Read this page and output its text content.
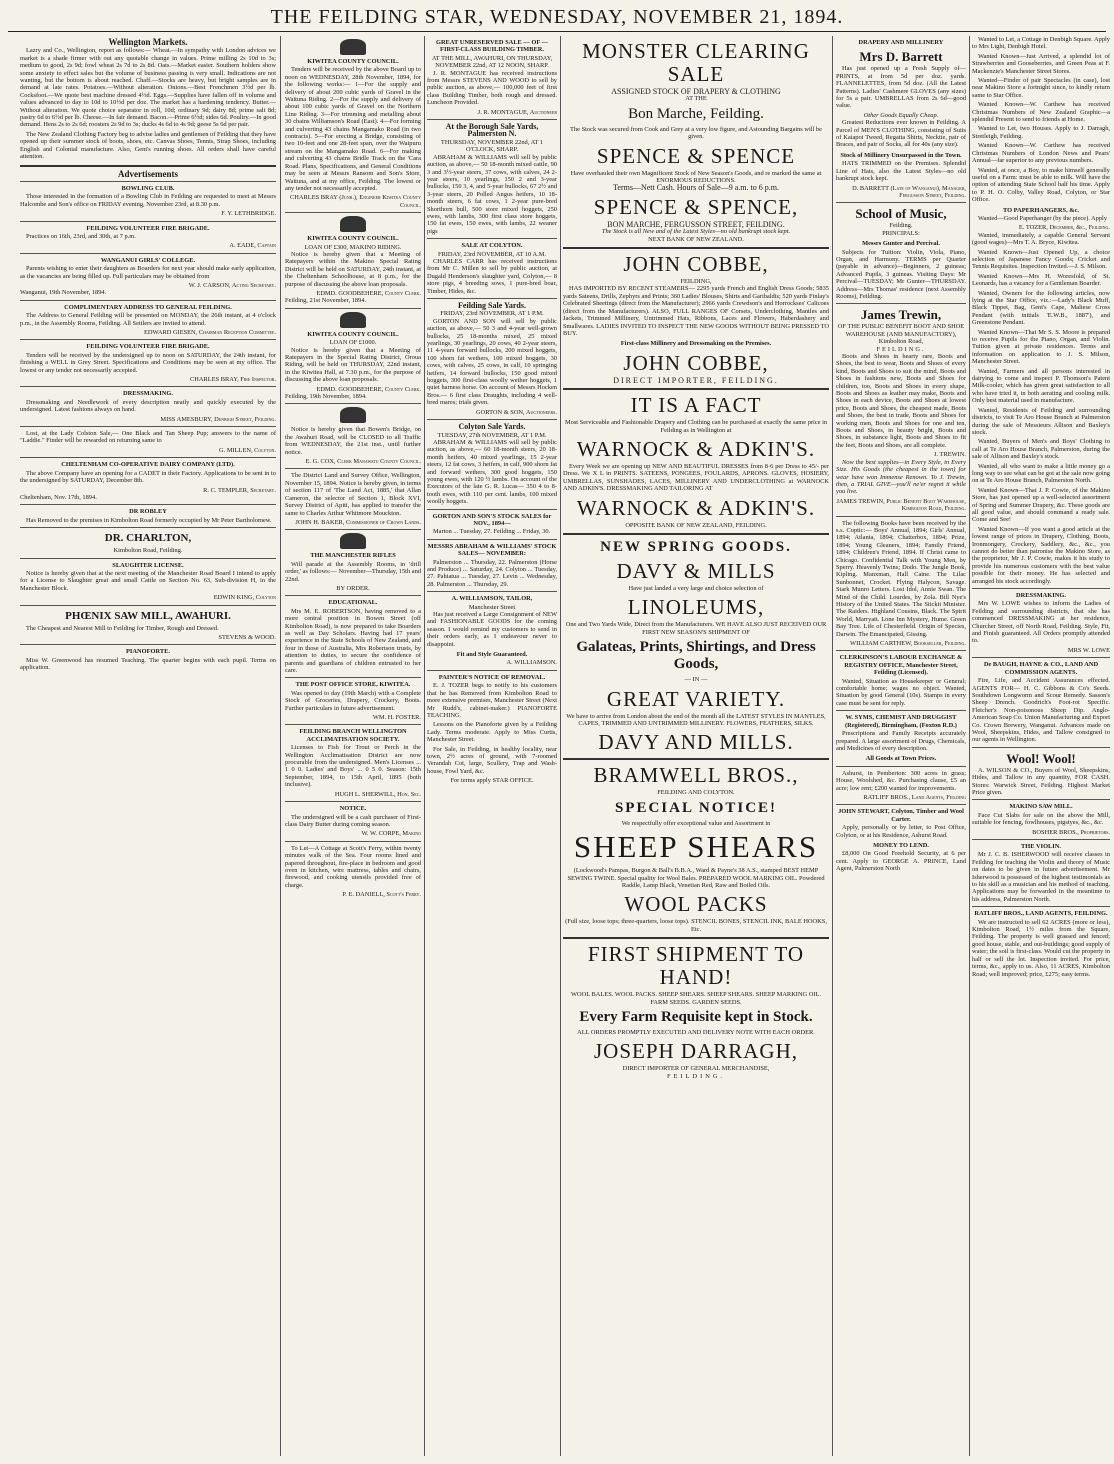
THE FEILDING STAR, WEDNESDAY, NOVEMBER 21, 1894.
Wellington Markets.

Lazry and Co., Wellington, report as follows:— Wheat.—In sympathy with London advices we market is a shade firmer with out any quotable change in values. Prime milling 2s 10d to 3s; medium to good, 2s 9d; fowl wheat 2s 7d to 2s 8d. Oats.—Market easier. Southern holders show some anxiety to effect sales but the volume of business passing is very small. Indications are not wanting, but the bottom is about reached. Chaff.—Stocks are heavy, but bright samples are in demand at late rates. Potatoes.—Without alteration. Onions.—Best Frenchmen 3½d per lb. Cocksfoot.—We quote best machine dressed 4½d. Eggs.—Supplies have fallen off in volume and values advanced to day to 10d to 10½d per doz. The market has a hardening tendency. Butter.—Without alteration. We quote choice separator in roll, 10d; ordinary 9d; dairy 8d; prime salt 8d; pastry 6d to 6½d per lb. Cheese.—In fair demand. Bacon.—Prime 6½d; sides 6d. Poultry.—In good demand. Hens 2s to 2s 6d; roosters 2s 9d to 3s; ducks 4s 6d to 4s 9d; geese 5s 6d per pair.

The New Zealand Clothing Factory beg to advise ladies and gentlemen of Feilding that they have opened up their summer stock of boots, shoes, etc. Canvas Shoes, Tennis, Strap Shoes, including English and Colonial manufacture. Also, Gent's running shoes. All orders shall have careful attention.

Advertisements
BOWLING CLUB.

Those interested in the formation of a Bowling Club in Feilding are requested to meet at Messrs Halcombe and Son's office on FRIDAY evening, November 23rd, at 8.30 p.m.

F. Y. LETHBRIDGE.
FEILDING VOLUNTEER FIRE BRIGADE.

Practices on 16th, 23rd, and 30th, at 7 p.m.

A. EADE, Captain
WANGANUI GIRLS' COLLEGE.

Parents wishing to enter their daughters as Boarders for next year should make early application, as the vacancies are being filled up. Full particulars may be obtained from

W. J. CARSON, Acting Secretary.
Wanganui, 19th November, 1894.
COMPLIMENTARY ADDRESS TO GENERAL FEILDING.

The Address to General Feilding will be presented on MONDAY, the 26th instant, at 4 o'clock p.m., in the Assembly Rooms, Feilding. All Settlers are invited to attend.

EDWARD GIESEN, Chairman Reception Committee.
FEILDING VOLUNTEER FIRE BRIGADE.

Tenders will be received by the undersigned up to noon on SATURDAY, the 24th instant, for finishing a WELL in Grey Street. Specifications and Conditions may be seen at my office. The lowest or any tender not necessarily accepted.

CHARLES BRAY, Fire Inspector.
DRESSMAKING.

Dressmaking and Needlework of every description neatly and quickly executed by the undersigned. Latest fashions always on hand.

MISS AMESBURY, Denbigh Street, Feilding.

Lost, at the Lady Colston Sale,— One Black and Tan Sheep Pup; answers to the name of "Laddie." Finder will be rewarded on returning same to

G. MILLEN, Colyton.
CHELTENHAM CO-OPERATIVE DAIRY COMPANY (LTD).

The above Company have an opening for a CADET in their Factory. Applications to be sent in to the undersigned by SATURDAY, December 8th.

R. C. TEMPLER, Secretary.
Cheltenham, Nov. 17th, 1894.
DR ROBLEY

Has Removed to the premises in Kimbolton Road formerly occupied by Mr Peter Bartholomew.

DR. CHARLTON,
Kimbolton Road, Feilding.
SLAUGHTER LICENSE.

Notice is hereby given that at the next meeting of the Manchester Road Board I intend to apply for a License to Slaughter great and small Cattle on Section No. 63, Sub-division H, in the Manchester Block.

EDWIN KING, Colyton
PHŒNIX SAW MILL, AWAHURI.

The Cheapest and Nearest Mill to Feilding for Timber, Rough and Dressed.

STEVENS & WOOD.
PIANOFORTE.

Miss W. Greenwood has resumed Teaching. The quarter begins with each pupil. Terms on application.

KIWITEA COUNTY COUNCIL.

Tenders will be received by the above Board up to noon on WEDNESDAY, 28th November, 1894, for the following works:— 1—For the supply and delivery of about 200 cubic yards of Gravel in the Waituna Riding. 2—For the supply and delivery of about 100 cubic yards of Gravel on the Northern Line Riding. 3—For trimming and metalling about 30 chains Williamson's Road (East). 4—For forming and culverting 43 chains Mangamako Road (in two contracts). 5—For erecting a Bridge, consisting of two 10-feet and one 28-feet span, over the Waipuru stream on the Mangamako Road. 6—For making and culverting 43 chains Bridle Track on the 'Cara Road. Plans, Specifications, and General Conditions may be seen at Messrs Ransom and Son's Store, Waituna, and at my office, Feilding. The lowest or any tender not necessarily accepted.

CHARLES BRAY (Junr.), Engineer Kiwitea County Council.
KIWITEA COUNTY COUNCIL.
LOAN OF £300, MAKINO RIDING.

Notice is hereby given that a Meeting of Ratepayers within the Makino Special Rating District will be held on SATURDAY, 24th instant, at the Cheltenham Schoolhouse, at 8 p.m., for the purpose of discussing the above loan proposals.

EDMD. GOODBEHERE, County Clerk.
Feilding, 21st November, 1894.
KIWITEA COUNTY COUNCIL.
LOAN OF £1000.

Notice is hereby given that a Meeting of Ratepayers in the Special Rating District, Oroua Riding, will be held on THURSDAY, 22nd instant, in the Kiwitea Hall, at 7.30 p.m., for the purpose of discussing the above loan proposals.

EDMD. GOODBEHERE, County Clerk.
Feilding, 19th November, 1894.

Notice is hereby given that Bowen's Bridge, on the Awahuri Road, will be CLOSED to all Traffic from WEDNESDAY, the 21st inst., until further notice.

E. G. COX, Clerk Manawatu County Council.

The District Land and Survey Office, Wellington, November 15, 1894. Notice is hereby given, in terms of section 117 of 'The Land Act, 1885,' that Allan Cameron, the selector of Section 1, Block XVI, Survey District of Apiti, has applied to transfer the same to Charles Arthur Whitmore Mouckton.

JOHN H. BAKER, Commissioner of Crown Lands.
THE MANCHESTER RIFLES

Will parade at the Assembly Rooms, in 'drill order,' as follows:— November—Thursday, 15th and 22nd.

BY ORDER.
EDUCATIONAL.

Mrs M. E. ROBERTSON, having removed to a more central position in Bowen Street (off Kimbolton Road), is now prepared to take Boarders as well as Day Scholars. Having had 17 years' experience in the State Schools of New Zealand, and four in those of Australia, Mrs Robertson trusts, by attention to duties, to secure the confidence of parents and guardians of children entrusted to her care.

THE POST OFFICE STORE, KIWITEA.

Was opened to day (19th March) with a Complete Stock of Groceries, Drapery, Crockery, Boots. Further particulars in future advertisement.

WM. H. FOSTER.
FEILDING BRANCH WELLINGTON ACCLIMATISATION SOCIETY.

Licenses to Fish for Trout or Perch in the Wellington Acclimatisation District are now procurable from the undersigned. Men's Licenses ... 1 0 0. Ladies' and Boys' ... 0 5 0. Season: 15th September, 1894, to 15th April, 1895 (both inclusive).

HUGH L. SHERWILL, Hon. Sec.
NOTICE.

The undersigned will be a cash purchaser of First-class Dairy Butter during coming season.

W. W. CORPE, Makino

To Let—A Cottage at Scott's Ferry, within twenty minutes walk of the Sea. Four rooms lined and papered throughout, fire-place in bedroom and good oven in kitchen, wire mattress, tables and chairs, firewood, and cooking utensils provided free of charge.

P. E. DANIELL, Scott's Ferry.
GREAT UNRESERVED SALE — OF — FIRST-CLASS BUILDING TIMBER.
AT THE MILL, AWAHURI, ON THURSDAY, NOVEMBER 22nd, AT 12 NOON, SHARP.

J. R. MONTAGUE has received instructions from Messrs STEVENS AND WOOD to sell by public auction, as above,— 100,000 feet of first class Building Timber, both rough and dressed. Luncheon Provided.

J. R. MONTAGUE, Auctioneer
At the Borough Sale Yards, Palmerston N.
THURSDAY, NOVEMBER 22nd, AT 1 O'CLOCK, SHARP.

ABRAHAM & WILLIAMS will sell by public auction, as above,— 50 18-month mixed cattle, 90 3 and 3½-year steers, 37 cows, with calves, 24 2-year steers, 10 yearlings, 150 2 and 3-year bullocks, 150 3, 4, and 5-year bullocks, 67 2½ and 3-year steers, 20 Polled Angus heifers, 10 18-month steers, 6 fat cows, 1 2-year pure-bred Shorthorn bull, 500 store mixed hoggets, 250 ewes, with lambs, 300 first class store hoggets, 150 fat ewes, 150 ewes, with lambs, 22 weaner pigs

SALE AT COLYTON.
FRIDAY, 23rd NOVEMBER, AT 10 A.M.

CHARLES CARR has received instructions from Mr C. Millen to sell by public auction, at Dugald Henderson's slaughter yard, Colyton,— 8 store pigs, 4 breeding sows, 1 pure-bred boar, Timber, Hides, &c.

Feilding Sale Yards.
FRIDAY, 23rd NOVEMBER, AT 1 P.M.

GORTON AND SON will sell by public auction, as above,— 50 3 and 4-year well-grown bullocks, 25 18-months mixed, 25 mixed yearlings, 30 yearlings, 20 cows, 40 2-year steers, 11 4-years forward bullocks, 200 mixed hoggets, 100 shorn fat wethers, 100 mixed hoggets, 30 cows, with calves, 25 cows, in calf, 10 springing heifers, 14 forward bullocks, 150 good mixed hoggets, 300 first-class woolly wether hoggets, 1 quiet harness horse. On account of Messrs Hocken Bros.— 6 first class Draughts, including 4 well-bred mares; trials given.

GORTON & SON, Auctioneers.
Colyton Sale Yards.
TUESDAY, 27th NOVEMBER, AT 1 P.M.

ABRAHAM & WILLIAMS will sell by public auction, as above,— 60 18-month steers, 20 18-month heifers, 40 mixed yearlings, 15 2-year steers, 12 fat cows, 3 heifers, in calf, 900 shorn fat and forward wethers, 300 good hoggets, 150 young ewes, with 120 ½ lambs. On account of the Executors of the late G. R. Lucas— 350 4 to 8-tooth ewes, with 110 per cent. lambs, 100 mixed woolly hoggets.

GORTON AND SON'S STOCK SALES for NOV., 1894—

Marton ... Tuesday, 27. Feilding ... Friday, 30.

MESSRS ABRAHAM & WILLIAMS' STOCK SALES— NOVEMBER:

Palmerston ... Thursday, 22. Palmerston (Horse and Produce) ... Saturday, 24. Colyton ... Tuesday, 27. Pahiatua ... Tuesday, 27. Levin ... Wednesday, 28. Palmerston ... Thursday, 29.

A. WILLIAMSON, TAILOR,
Manchester Street

Has just received a Large Consignment of NEW and FASHIONABLE GOODS for the coming season. I would remind my customers to send in their orders early, as I endeavour never to disappoint.

Fit and Style Guaranteed.
A. WILLIAMSON.
PAINTER'S NOTICE OF REMOVAL.

E. J. TOZER begs to notify to his customers that he has Removed from Kimbolton Road to more extensive premises, Manchester Street (Next Mr Rudd's, cabinet-maker.) PIANOFORTE TEACHING.

Lessons on the Pianoforte given by a Feilding Lady. Terms moderate. Apply to Miss Curtis, Manchester Street.

For Sale, in Feilding, in healthy locality, near town, 2½ acres of ground, with 7-roomed Verandah Cot, large, Scullery, Trap and Wash-house, Fowl Yard, &c.

For terms apply STAR OFFICE.
MONSTER CLEARING SALE
ASSIGNED STOCK OF DRAPERY & CLOTHING
AT THE
Bon Marche, Feilding.
The Stock was secured from Cook and Grey at a very low figure, and Astounding Bargains will be given.
SPENCE & SPENCE
Have overhauled their own Magnificent Stock of New Season's Goods, and re marked the same at ENORMOUS REDUCTIONS.
Terms—Nett Cash. Hours of Sale—9 a.m. to 6 p.m.
SPENCE & SPENCE,
BON MARCHE, FERGUSSON STREET, FEILDING.
The Stock is all New and of the Latest Styles—no old bankrupt stock kept.
NEXT BANK OF NEW ZEALAND.
JOHN COBBE,
FEILDING,

HAS IMPORTED BY RECENT STEAMERS— 2295 yards French and English Dress Goods; 5835 yards Sateens, Drills, Zephyrs and Prints; 360 Ladies' Blouses, Shirts and Garibaldis; 520 yards Finlay's Celebrated Sheetings (direct from the Manufacturer); 2966 yards Crewdson's and Horrockses' Calicoes (direct from the Manufacturers). ALSO, FULL RANGES OF Corsets, Underclothing, Mantles and Jackets, Trimmed Millinery, Untrimmed Hats, Ribbons, Laces and Flowers, Haberdashery and Smallwares. LADIES INVITED TO INSPECT THE NEW GOODS WITHOUT BEING PRESSED TO BUY.

First-class Millinery and Dressmaking on the Premises.
JOHN COBBE,
DIRECT IMPORTER, FEILDING.
IT IS A FACT
Most Serviceable and Fashionable Drapery and Clothing can be purchased at exactly the same price in Feilding as in Wellington at
WARNOCK & ADKIN'S.

Every Week we are opening up NEW AND BEAUTIFUL DRESSES from 8·6 per Dress to 45/- per Dress. We X L in PRINTS. SATEENS, PONGEES, FOULARDS, APRONS. GLOVES, HOSIERY, UMBRELLAS, SUNSHADES, LACES, MILLINERY AND UNDERCLOTHING at WARNOCK AND ADKIN'S. DRESSMAKING AND TAILORING AT

WARNOCK & ADKIN'S.
OPPOSITE BANK OF NEW ZEALAND, FEILDING.
NEW SPRING GOODS.
DAVY & MILLS
Have just landed a very large and choice selection of
LINOLEUMS,
One and Two Yards Wide, Direct from the Manufacturers. WE HAVE ALSO JUST RECEIVED OUR FIRST NEW SEASON'S SHIPMENT OF
Galateas, Prints, Shirtings, and Dress Goods,
— IN —
GREAT VARIETY.
We have to arrive from London about the end of the month all the LATEST STYLES IN MANTLES, CAPES, TRIMMED AND UNTRIMMED MILLINERY. FLOWERS, FEATHERS, SILKS.
DAVY AND MILLS.
BRAMWELL BROS.,
FEILDING AND COLYTON.
SPECIAL NOTICE!
We respectfully offer exceptional value and Assortment in
SHEEP SHEARS
(Lockwood's Pampas, Burgon & Ball's B.B.A., Ward & Payne's 38 A.S., stamped BEST HEMP SEWING TWINE. Special quality for Wool Bales. PREPARED WOOL MARKING OIL. Powdered Raddle, Lamp Black, Venetian Red, Raw and Boiled Oils.
WOOL PACKS
(Full size, loose tops; three-quarters, loose tops). STENCIL BONES, STENCIL INK, BALE HOOKS, Etc.
FIRST SHIPMENT TO HAND!
WOOL BALES. WOOL PACKS. SHEEP SHEARS. SHEEP SHEARS. SHEEP MARKING OIL. FARM SEEDS. GARDEN SEEDS.
Every Farm Requisite kept in Stock.
ALL ORDERS PROMPTLY EXECUTED AND DELIVERY NOTE WITH EACH ORDER.
JOSEPH DARRAGH,
DIRECT IMPORTER OF GENERAL MERCHANDISE,
FEILDING.
DRAPERY AND MILLINERY
Mrs D. Barrett

Has just opened up a Fresh Supply of— PRINTS, at from 5d per doz. yards. FLANNELETTES, from 5d doz. (All the Latest Patterns). Ladies' Cashmere GLOVES (any sizes) for 5s a pair. UMBRELLAS from 2s 6d—good value.

Other Goods Equally Cheap.

Greatest Reductions ever known in Feilding. A Parcel of MEN'S CLOTHING, consisting of Suits of Kaiapoi Tweed, Regatta Shirts, Necktie, pair of Braces, and pair of Socks, all for 40s (any size).

Stock of Millinery Unsurpassed in the Town.

HATS TRIMMED on the Premises. Splendid Line of Hats, also the Latest Styles—no old bankrupt stock kept.

D. BARRETT (Late of Wanganui), Manager, Fergusson Street, Feilding.
School of Music,
Feilding.
PRINCIPALS:
Messrs Gunter and Percival.

Subjects for Tuition: Violin, Viola, Piano, Organ, and Harmony. TERMS per Quarter (payable in advance)—Beginners, 2 guineas; Advanced Pupils, 3 guineas. Visiting Days: Mr Percival—TUESDAY; Mr Gunter—THURSDAY. Address—Mrs Thomas' residence (next Assembly Rooms), Feilding.

James Trewin,
OF THE PUBLIC BENEFIT BOOT AND SHOE WAREHOUSE (AND MANUFACTORY), Kimbolton Road,
FEILDING.

Boots and Shoes in hearty rare, Boots and Shoes, the best to wear, Boots and Shoes of every kind, Boots and Shoes to suit the mind, Boots and Shoes in fashions new, Boots and Shoes for children, too, Boots and Shoes in every shape, Boots and Shoes as leather may make, Boots and Shoes in each device, Boots and Shoes at lowest price, Boots and Shoes, the cheapest made, Boots and Shoes, the best in trade, Boots and Shoes for working men, Boots and Shoes for one and ten, Boots and Shoes, in beauty bright, Boots and Shoes, in substance light, Boots and Shoes to fit the feet, Boots and Shoes, are all complete.

J. TREWIN.

Now the best supplies—in Every Style, in Every Size. His Goods (the cheapest in the town) for wear have won Immense Renown. To J. Trewin, then, a TRIAL GIVE—you'll ne'er regret it while you live.

JAMES TREWIN, Public Benefit Boot Warehouse, Kimbolton Road, Feilding.

The following Books have been received by the s.s. Coptic:— Boys' Annual, 1894; Girls' Annual, 1894; Atlanta, 1894; Chatterbox, 1894; Prize, 1894; Young Gleaners, 1894; Family Friend, 1894; Children's Friend, 1894. If Christ came to Chicago. Confidential Talk with Young Men, by Sperry. Heavenly Twins; Dodo. The Jungle Book, Kipling. Manxman, Hall Caine. The Lilac Sunbonnet, Crocket. Flying Halycon, Savage. Stark Munro Letters. Lost Idol, Annie Swan. The Mind of the Child. Lourdes, by Zola. Bill Nye's History of the United States. The Stickit Minister. The Raiders. Highland Cousins, Black. The Spirit World, Marryatt. Lone Inn Mystery, Hume. Green Bay Tree. Life of Chesterfield. Origin of Species, Darwin. The Emancipated, Gissing.

WILLIAM CARTHEW, Bookseller, Feilding.
CLERKINSON'S LABOUR EXCHANGE & REGISTRY OFFICE, Manchester Street, Feilding (Licensed).

Wanted, Situation as Housekeeper or General; comfortable home; wages no object. Wanted, Situation by good General (10s). Stamps in every case must be sent for reply.

W. SYMS, CHEMIST AND DRUGGIST (Registered), Birmingham, (Foxton R.D.)

Prescriptions and Family Receipts accurately prepared. A large assortment of Drugs, Chemicals, and Medicines of every description.

All Goods at Town Prices.

Ashurst, in Pemberton: 300 acres in grass; House, Woolshed, &c. Purchasing clause, £5 an acre; low rent; £200 wanted for improvements.

RATLIFF BROS., Land Agents, Feilding
JOHN STEWART, Colyton, Timber and Wool Carter.

Apply, personally or by letter, to Post Office, Colyton, or at his Residence, Ashurst Road.

MONEY TO LEND.

£8,000 On Good Freehold Security, at 6 per cent. Apply to GEORGE A. PRINCE, Land Agent, Palmerston North

Wanted to Let, a Cottage in Denbigh Square. Apply to Mrs Light, Denbigh Hotel.

Wanted Known—Just Arrived, a splendid lot of Strawberries and Gooseberries, and Green Peas at F. Mackenzie's Manchester Street Stores.

Wanted—Finder of pair Spectacles (in case), lost near Makino Store a fortnight since, to kindly return same to Star Office.

Wanted Known—W. Carthew has received Christmas Numbers of New Zealand Graphic—a splendid Present to send to friends at Home.

Wanted to Let, two Houses. Apply to J. Darragh, Stretleigh, Feilding.

Wanted Known—W. Carthew has received Christmas Numbers of London News and Pears' Annual—far superior to any previous numbers.

Wanted, at once, a Boy, to make himself generally useful on a Farm: must be able to milk. Will have the option of attending State School half his time. Apply to P. H. O. Colby, Valley Road, Colyton, or Star Office.

TO PAPERHANGERS, &c.

Wanted—Good Paperhanger (by the piece). Apply

E. TOZER, December, &c., Feilding.

Wanted, immediately, a capable General Servant (good wages)—Mrs T. A. Bryce, Kiwitea.

Wanted Known—Just Opened Up, a choice selection of Japanese Fancy Goods; Cricket and Tennis Requisites. Inspection Invited.—J. S. Milson.

Wanted Known—Mrs H. Woresfold, of St. Leonards, has a vacancy for a Gentleman Boarder.

Wanted, Owners for the following articles, now lying at the Star Office, viz.:—Lady's Black Muff, Black Tippet, Bag, Gent's Cape, Maltese Cross Pendant (with initials 'E.W.B., 1887'), and Greenstone Pendant.

Wanted Known—That Mr S. S. Moore is prepared to receive Pupils for the Piano, Organ, and Violin. Tuition given at private residences. Terms and information on application to J. S. Milson, Manchester Street.

Wanted, Farmers and all persons interested in dairying to come and inspect P. Thomson's Patent Milk-cooler, which has given great satisfaction to all who have tried it, in both aerating and cooling milk. Only best material used in manufacture.

Wanted, Residents of Feilding and surrounding districts, to visit Te Aro House Branch at Palmerston during the sale of Messieurs Allison and Baxley's stock.

Wanted, Buyers of Men's and Boys' Clothing to call at Te Aro House Branch, Palmerston, during the sale of Allison and Baxley's stock.

Wanted, all who want to make a little money go a long way to see what can be got at the sale now going on at Te Aro House Branch, Palmerston North.

Wanted Known—That J. P. Cowie, of the Makino Store, has just opened up a well-selected assortment of Spring and Summer Drapery, &c. These goods are all good value, and should command a ready sale. Come and See!

Wanted Known—If you want a good article at the lowest range of prices in Drapery, Clothing, Boots, Ironmongery, Crockery, Saddlery, &c., &c., you cannot do better than patronise the Makino Store, as the proprietor, Mr J. P. Cowie, makes it his study to provide his numerous customers with the best value possible for their money. He has selected and arranged his stock accordingly.

DRESSMAKING.

Mrs W. LOWE wishes to inform the Ladies of Feilding and surrounding districts, that she has commenced DRESSMAKING at her residence, Churcher Street, off North Road, Feilding. Style, Fit, and Finish guaranteed. All Orders promptly attended to.

MRS W. LOWE
De BAUGH, HAYNE & CO., LAND AND COMMISSION AGENTS.

Fire, Life, and Accident Assurances effected. AGENTS FOR— H. C. Gibbons & Co's Seeds. Southdown Longworm and Scour Remedy. Sasson's Sheep Drench. Goodrich's Foot-rot Specific. Fletcher's Non-poisonous Sheep Dip. Anglo-American Soap Co. Union Manufacturing and Export Co. Crown Brewery, Wanganui. Advances made on Wool, Sheepskins, Hides, and Tallow consigned to our agents in Wellington.

Wool! Wool!

A. WILSON & CO., Buyers of Wool, Sheepskins, Hides, and Tallow in any quantity, FOR CASH. Stores: Warwick Street, Feilding. Highest Market Price given.

MAKINO SAW MILL.

Face Cut Slabs for sale on the above the Mill, suitable for fencing, fowlhouses, pigstyes, &c., &c.

BOSHER BROS., Proprietors.
THE VIOLIN.

Mr J. C. B. ISHERWOOD will receive classes in Feilding for teaching the Violin and theory of Music on dates to be given in future advertisement. Mr Isherwood is possessed of the highest testimonials as to his skill as a musician and his method of teaching. Applications may be forwarded in the meantime to his address, Palmerston North.

RATLIFF BROS., LAND AGENTS, FEILDING.

We are instructed to sell 62 ACRES (more or less), Kimbolton Road, 1½ miles from the Square, Feilding. The property is well grassed and fenced; good house, stable, and out-buildings; good supply of water; the soil is first-class. Would cut the property in half or sell the lot. Inspection invited. For price, terms, &c., apply to us. Also, 11 ACRES, Kimbolton Road; well improved; price, £275; easy terms.
